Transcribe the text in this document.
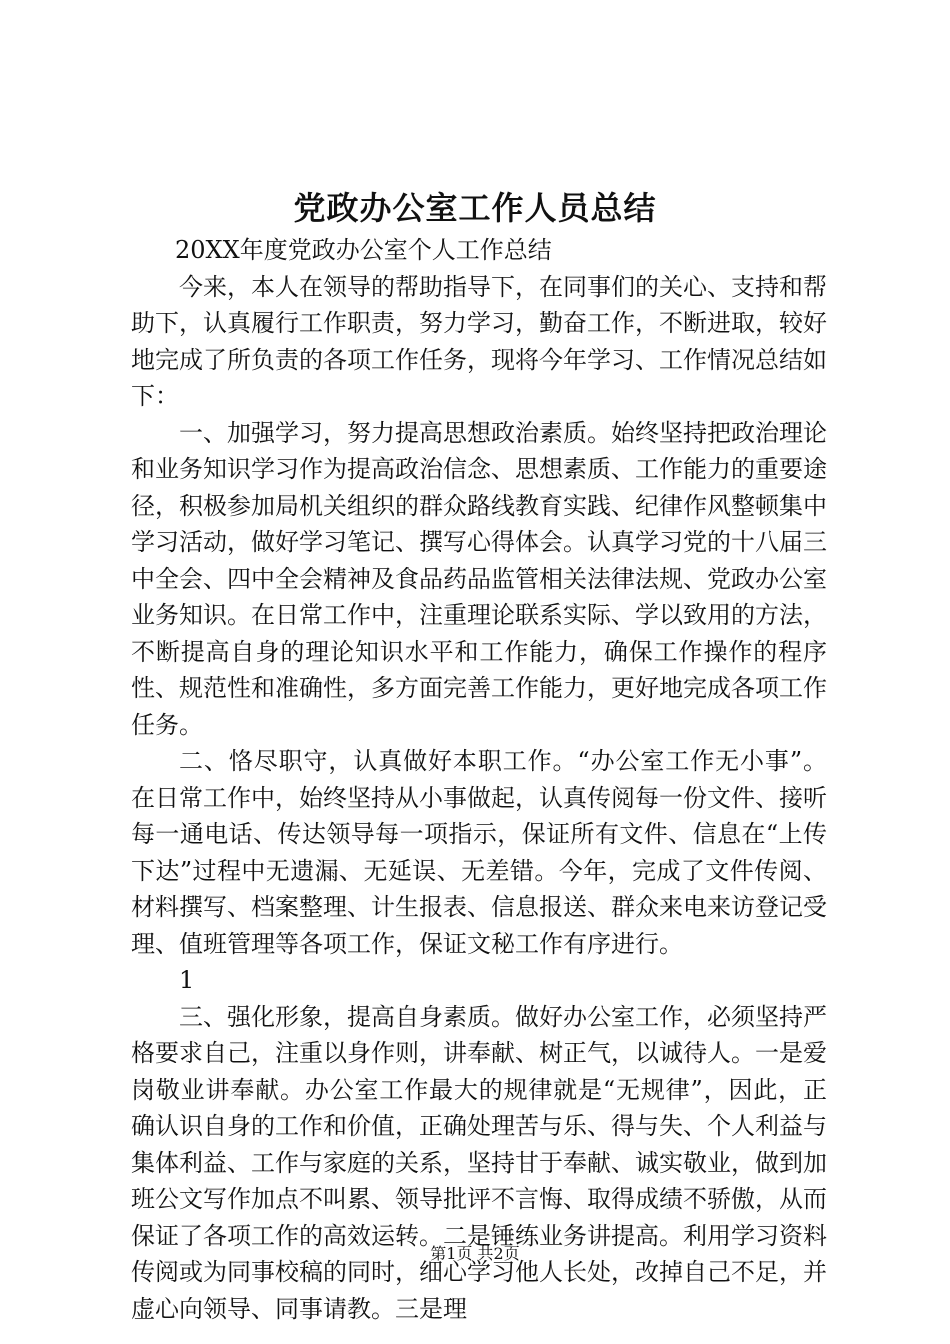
党政办公室工作人员总结

20XX年度党政办公室个人工作总结

今来，本人在领导的帮助指导下，在同事们的关心、支持和帮助下，认真履行工作职责，努力学习，勤奋工作，不断进取，较好地完成了所负责的各项工作任务，现将今年学习、工作情况总结如下：

一、加强学习，努力提高思想政治素质。始终坚持把政治理论和业务知识学习作为提高政治信念、思想素质、工作能力的重要途径，积极参加局机关组织的群众路线教育实践、纪律作风整顿集中学习活动，做好学习笔记、撰写心得体会。认真学习党的十八届三中全会、四中全会精神及食品药品监管相关法律法规、党政办公室业务知识。在日常工作中，注重理论联系实际、学以致用的方法，不断提高自身的理论知识水平和工作能力，确保工作操作的程序性、规范性和准确性，多方面完善工作能力，更好地完成各项工作任务。

二、恪尽职守，认真做好本职工作。“办公室工作无小事”。在日常工作中，始终坚持从小事做起，认真传阅每一份文件、接听每一通电话、传达领导每一项指示，保证所有文件、信息在“上传下达”过程中无遗漏、无延误、无差错。今年，完成了文件传阅、材料撰写、档案整理、计生报表、信息报送、群众来电来访登记受理、值班管理等各项工作，保证文秘工作有序进行。

1

三、强化形象，提高自身素质。做好办公室工作，必须坚持严格要求自己，注重以身作则，讲奉献、树正气，以诚待人。一是爱岗敬业讲奉献。办公室工作最大的规律就是“无规律”，因此，正确认识自身的工作和价值，正确处理苦与乐、得与失、个人利益与集体利益、工作与家庭的关系，坚持甘于奉献、诚实敬业，做到加班公文写作加点不叫累、领导批评不言悔、取得成绩不骄傲，从而保证了各项工作的高效运转。二是锤练业务讲提高。利用学习资料传阅或为同事校稿的同时，细心学习他人长处，改掉自己不足，并虚心向领导、同事请教。三是理

第1页 共2页
